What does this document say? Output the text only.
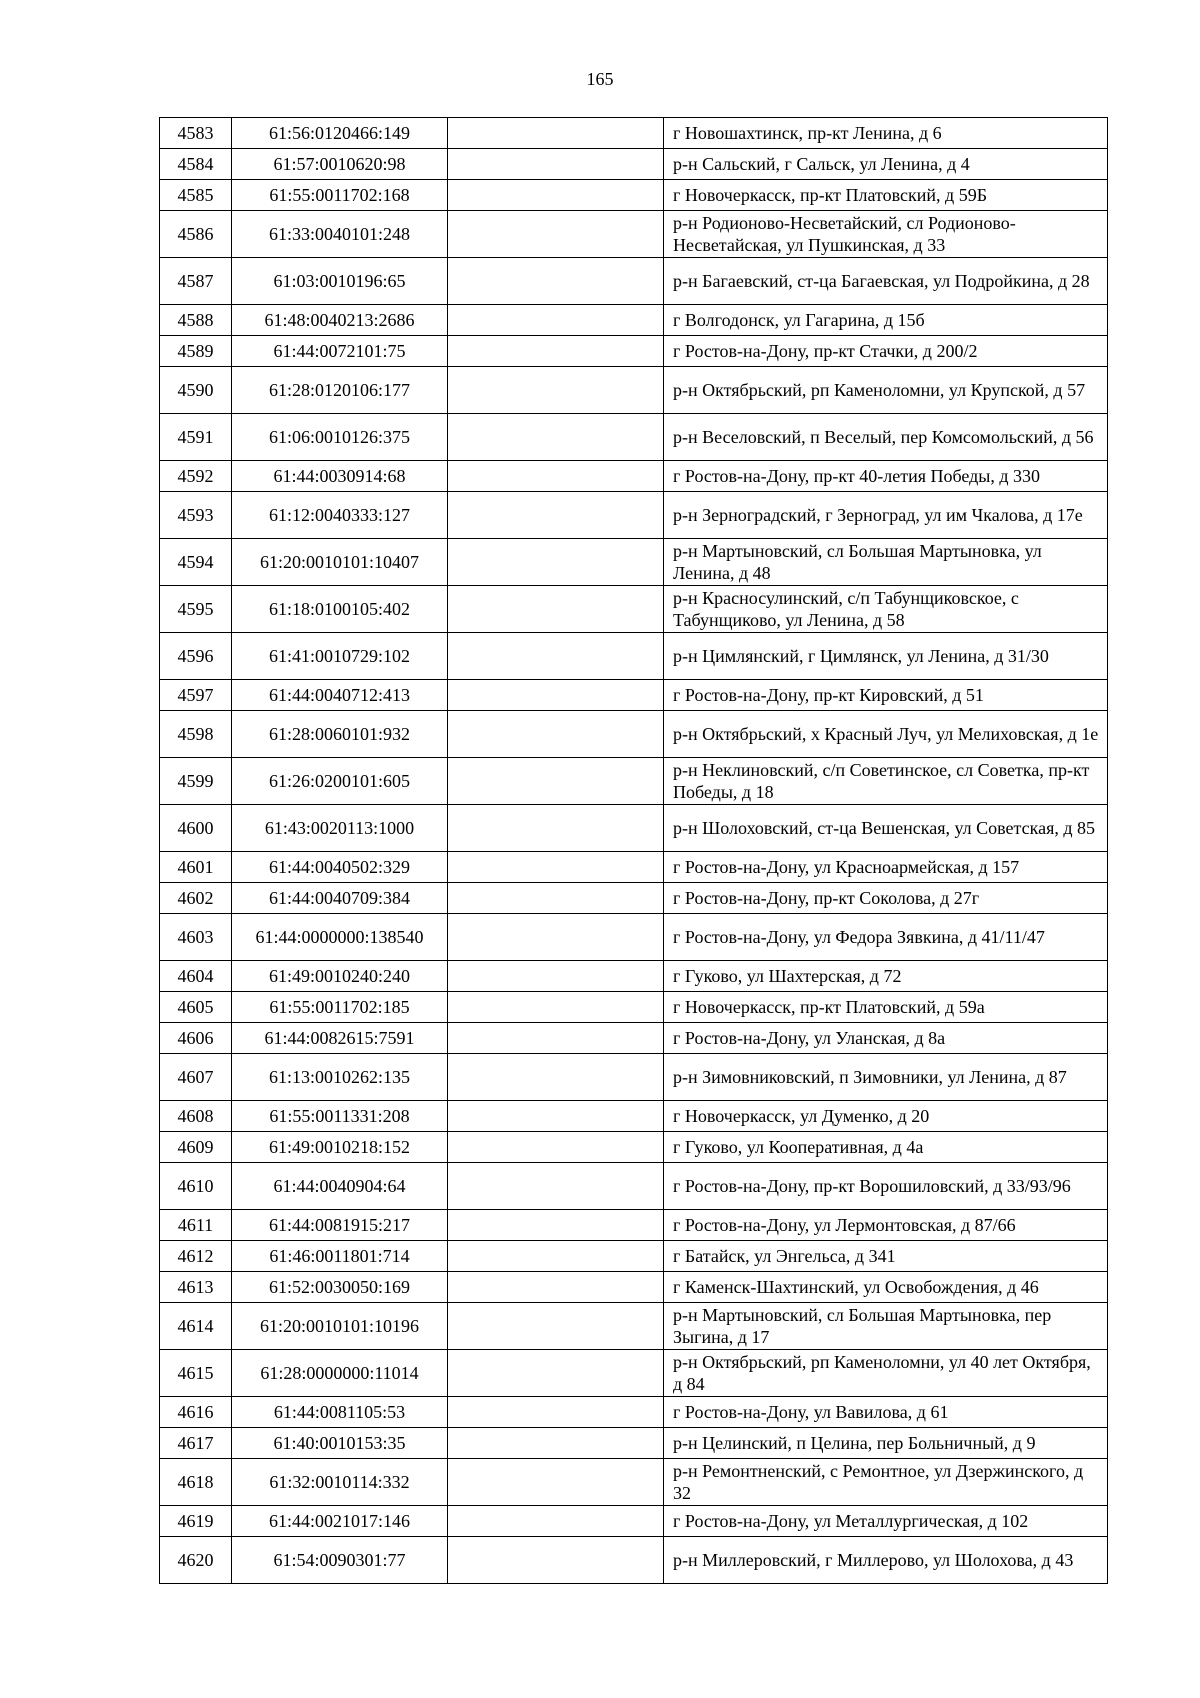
165
4583	61:56:0120466:149		г Новошахтинск, пр-кт Ленина, д 6
4584	61:57:0010620:98		р-н Сальский, г Сальск, ул Ленина, д 4
4585	61:55:0011702:168		г Новочеркасск, пр-кт Платовский, д 59Б
4586	61:33:0040101:248		р-н Родионово-Несветайский, сл Родионово-Несветайская, ул Пушкинская, д 33
4587	61:03:0010196:65		р-н Багаевский, ст-ца Багаевская, ул Подройкина, д 28
4588	61:48:0040213:2686		г Волгодонск, ул Гагарина, д 15б
4589	61:44:0072101:75		г Ростов-на-Дону, пр-кт Стачки, д 200/2
4590	61:28:0120106:177		р-н Октябрьский, рп Каменоломни, ул Крупской, д 57
4591	61:06:0010126:375		р-н Веселовский, п Веселый, пер Комсомольский, д 56
4592	61:44:0030914:68		г Ростов-на-Дону, пр-кт 40-летия Победы, д 330
4593	61:12:0040333:127		р-н Зерноградский, г Зерноград, ул им Чкалова, д 17е
4594	61:20:0010101:10407		р-н Мартыновский, сл Большая Мартыновка, ул Ленина, д 48
4595	61:18:0100105:402		р-н Красносулинский, с/п Табунщиковское, с Табунщиково, ул Ленина, д 58
4596	61:41:0010729:102		р-н Цимлянский, г Цимлянск, ул Ленина, д 31/30
4597	61:44:0040712:413		г Ростов-на-Дону, пр-кт Кировский, д 51
4598	61:28:0060101:932		р-н Октябрьский, х Красный Луч, ул Мелиховская, д 1е
4599	61:26:0200101:605		р-н Неклиновский, с/п Советинское, сл Советка, пр-кт Победы, д 18
4600	61:43:0020113:1000		р-н Шолоховский, ст-ца Вешенская, ул Советская, д 85
4601	61:44:0040502:329		г Ростов-на-Дону, ул Красноармейская, д 157
4602	61:44:0040709:384		г Ростов-на-Дону, пр-кт Соколова, д 27г
4603	61:44:0000000:138540		г Ростов-на-Дону, ул Федора Зявкина, д 41/11/47
4604	61:49:0010240:240		г Гуково, ул Шахтерская, д 72
4605	61:55:0011702:185		г Новочеркасск, пр-кт Платовский, д 59а
4606	61:44:0082615:7591		г Ростов-на-Дону, ул Уланская, д 8а
4607	61:13:0010262:135		р-н Зимовниковский, п Зимовники, ул Ленина, д 87
4608	61:55:0011331:208		г Новочеркасск, ул Думенко, д 20
4609	61:49:0010218:152		г Гуково, ул Кооперативная, д 4а
4610	61:44:0040904:64		г Ростов-на-Дону, пр-кт Ворошиловский, д 33/93/96
4611	61:44:0081915:217		г Ростов-на-Дону, ул Лермонтовская, д 87/66
4612	61:46:0011801:714		г Батайск, ул Энгельса, д 341
4613	61:52:0030050:169		г Каменск-Шахтинский, ул Освобождения, д 46
4614	61:20:0010101:10196		р-н Мартыновский, сл Большая Мартыновка, пер Зыгина, д 17
4615	61:28:0000000:11014		р-н Октябрьский, рп Каменоломни, ул 40 лет Октября, д 84
4616	61:44:0081105:53		г Ростов-на-Дону, ул Вавилова, д 61
4617	61:40:0010153:35		р-н Целинский, п Целина, пер Больничный, д 9
4618	61:32:0010114:332		р-н Ремонтненский, с Ремонтное, ул Дзержинского, д 32
4619	61:44:0021017:146		г Ростов-на-Дону, ул Металлургическая, д 102
4620	61:54:0090301:77		р-н Миллеровский, г Миллерово, ул Шолохова, д 43
